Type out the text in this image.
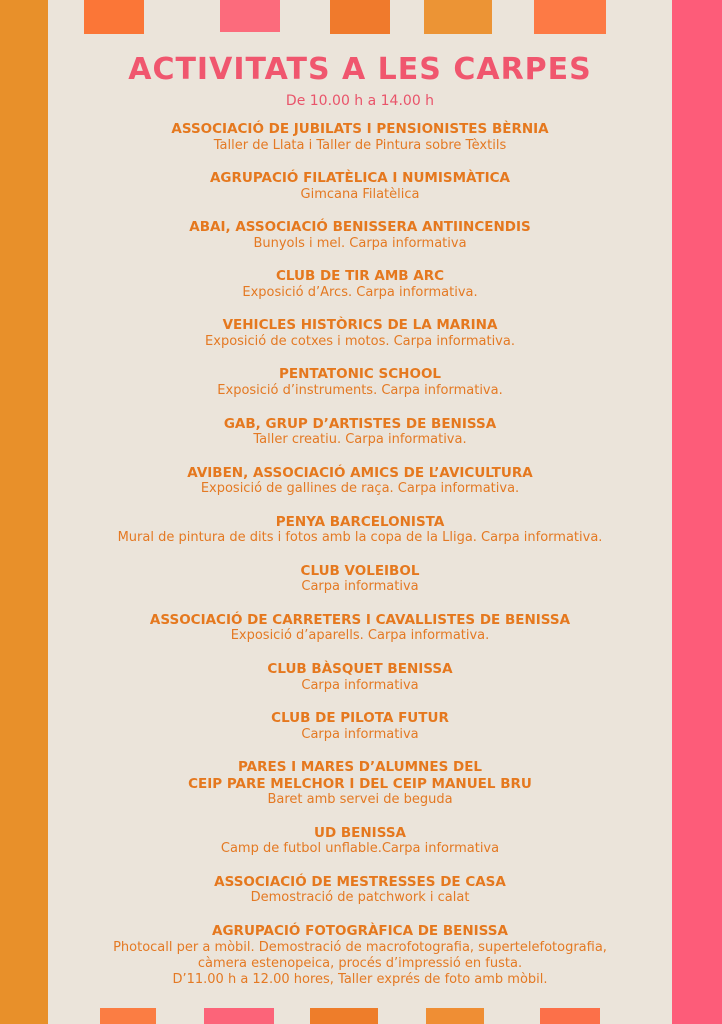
ACTIVITATS A LES CARPES
De 10.00 h a 14.00 h
ASSOCIACIÓ DE JUBILATS I PENSIONISTES BÈRNIA
Taller de Llata i Taller de Pintura sobre Tèxtils
AGRUPACIÓ FILATÈLICA I NUMISMÀTICA
Gimcana Filatèlica
ABAI, ASSOCIACIÓ BENISSERA ANTIINCENDIS
Bunyols i mel. Carpa informativa
CLUB DE TIR AMB ARC
Exposició d’Arcs. Carpa informativa.
VEHICLES HISTÒRICS DE LA MARINA
Exposició de cotxes i motos. Carpa informativa.
PENTATONIC SCHOOL
Exposició d’instruments. Carpa informativa.
GAB, GRUP D’ARTISTES DE BENISSA
Taller creatiu. Carpa informativa.
AVIBEN, ASSOCIACIÓ AMICS DE L’AVICULTURA
Exposició de gallines de raça. Carpa informativa.
PENYA BARCELONISTA
Mural de pintura de dits i fotos amb la copa de la Lliga. Carpa informativa.
CLUB VOLEIBOL
Carpa informativa
ASSOCIACIÓ DE CARRETERS I CAVALLISTES DE BENISSA
Exposició d’aparells. Carpa informativa.
CLUB BÀSQUET BENISSA
Carpa informativa
CLUB DE PILOTA FUTUR
Carpa informativa
PARES I MARES D’ALUMNES DEL
CEIP PARE MELCHOR I DEL CEIP MANUEL BRU
Baret amb servei de beguda
UD BENISSA
Camp de futbol unflable.Carpa informativa
ASSOCIACIÓ DE MESTRESSES DE CASA
Demostració de patchwork i calat
AGRUPACIÓ FOTOGRÀFICA DE BENISSA
Photocall per a mòbil. Demostració de macrofotografia, supertelefotografia,
càmera estenopeica, procés d’impressió en fusta.
D’11.00 h a 12.00 hores, Taller exprés de foto amb mòbil.
